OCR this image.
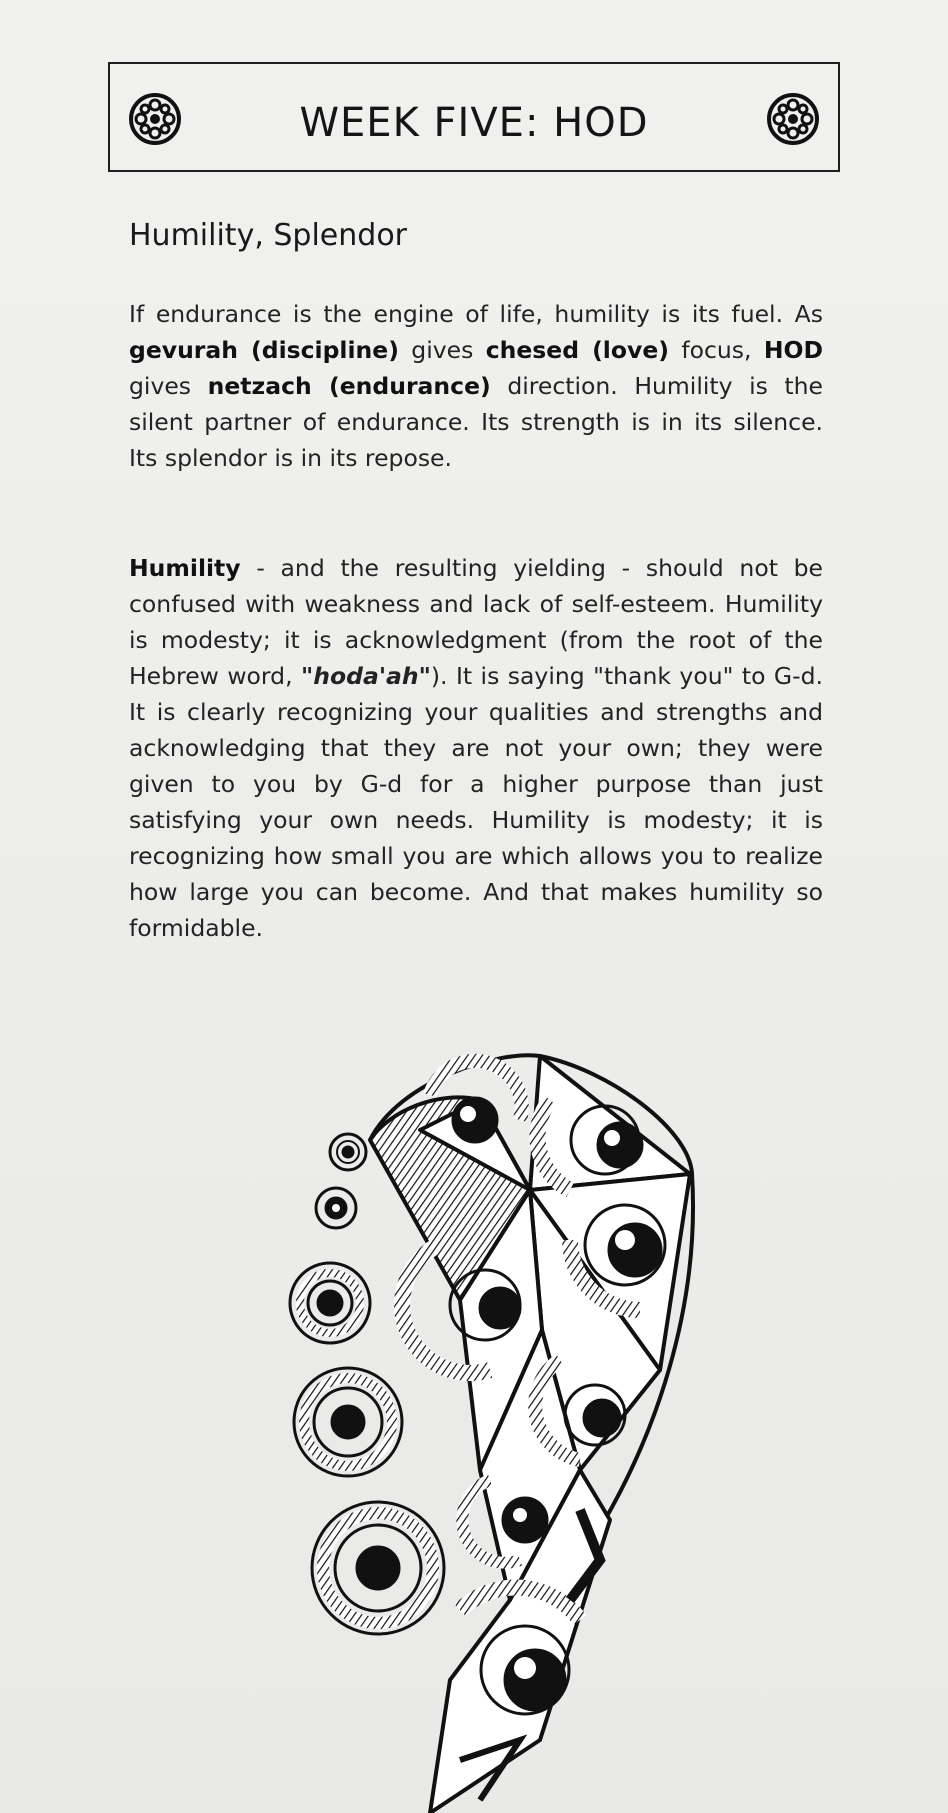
WEEK FIVE: HOD
Humility, Splendor

If endurance is the engine of life, humility is its fuel. As gevurah (discipline) gives chesed (love) focus, HOD gives netzach (endurance) direction. Humility is the silent partner of endurance. Its strength is in its silence. Its splendor is in its repose.

Humility - and the resulting yielding - should not be confused with weakness and lack of self-esteem. Humility is modesty; it is acknowledgment (from the root of the Hebrew word, "hoda'ah"). It is saying "thank you" to G-d. It is clearly recognizing your qualities and strengths and acknowledging that they are not your own; they were given to you by G-d for a higher purpose than just satisfying your own needs. Humility is modesty; it is recognizing how small you are which allows you to realize how large you can become. And that makes humility so formidable.
